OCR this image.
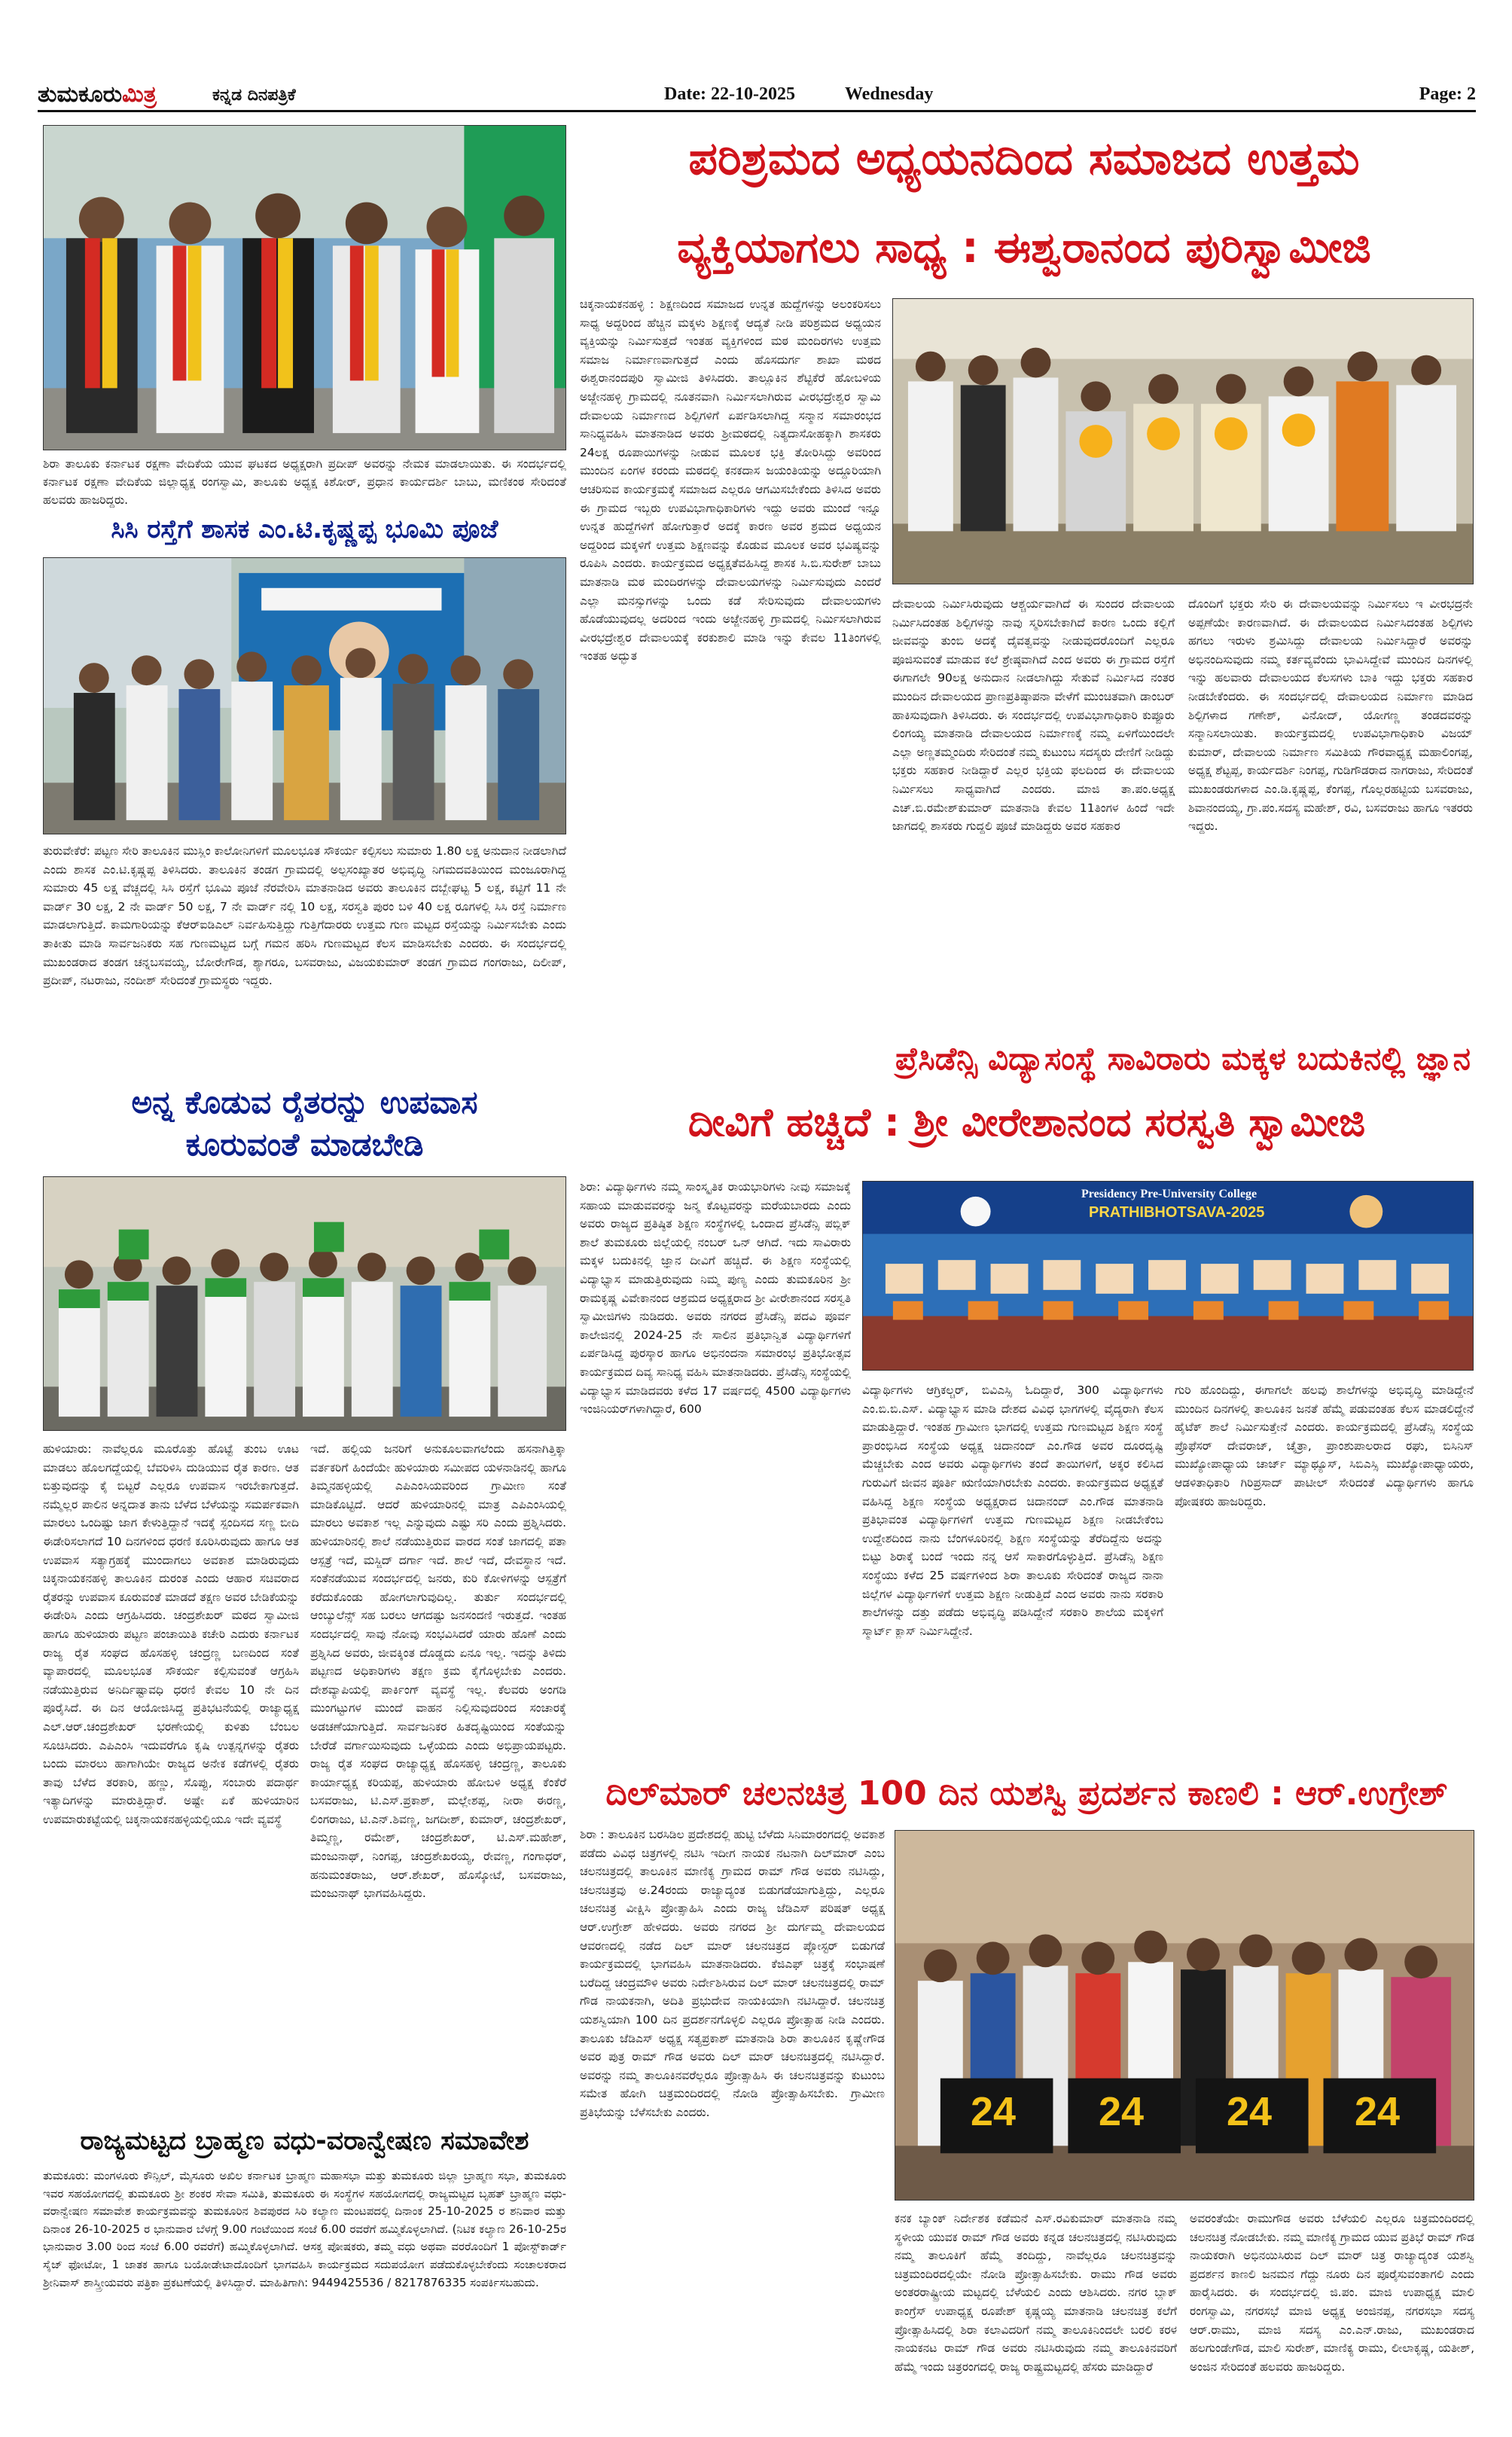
ತುಮಕೂರುಮಿತ್ರ	ಕನ್ನಡ ದಿನಪತ್ರಿಕೆ	Date: 22-10-2025	Wednesday	Page: 2
ಶಿರಾ ತಾಲೂಕು ಕರ್ನಾಟಕ ರಕ್ಷಣಾ ವೇದಿಕೆಯ ಯುವ ಘಟಕದ ಅಧ್ಯಕ್ಷರಾಗಿ ಪ್ರದೀಪ್ ಅವರನ್ನು ನೇಮಕ ಮಾಡಲಾಯಿತು. ಈ ಸಂದರ್ಭದಲ್ಲಿ ಕರ್ನಾಟಕ ರಕ್ಷಣಾ ವೇದಿಕೆಯ ಜಿಲ್ಲಾಧ್ಯಕ್ಷ ರಂಗಸ್ವಾಮಿ, ತಾಲೂಕು ಅಧ್ಯಕ್ಷ ಕಿಶೋರ್, ಪ್ರಧಾನ ಕಾರ್ಯದರ್ಶಿ ಬಾಬು, ಮಣಿಕಂಠ ಸೇರಿದಂತೆ ಹಲವರು ಹಾಜರಿದ್ದರು.
ಸಿಸಿ ರಸ್ತೆಗೆ ಶಾಸಕ ಎಂ.ಟಿ.ಕೃಷ್ಣಪ್ಪ ಭೂಮಿ ಪೂಜೆ
ತುರುವೇಕೆರೆ: ಪಟ್ಟಣ ಸೇರಿ ತಾಲೂಕಿನ ಮುಸ್ಲಿಂ ಕಾಲೋನಿಗಳಿಗೆ ಮೂಲಭೂತ ಸೌಕರ್ಯ ಕಲ್ಪಿಸಲು ಸುಮಾರು 1.80 ಲಕ್ಷ ಅನುದಾನ ನೀಡಲಾಗಿದೆ ಎಂದು ಶಾಸಕ ಎಂ.ಟಿ.ಕೃಷ್ಣಪ್ಪ ತಿಳಿಸಿದರು. ತಾಲೂಕಿನ ತಂಡಗ ಗ್ರಾಮದಲ್ಲಿ ಅಲ್ಪಸಂಖ್ಯಾತರ ಅಭಿವೃದ್ಧಿ ನಿಗಮದವತಿಯಿಂದ ಮಂಜೂರಾಗಿದ್ದ ಸುಮಾರು 45 ಲಕ್ಷ ವೆಚ್ಚದಲ್ಲಿ ಸಿಸಿ ರಸ್ತೆಗೆ ಭೂಮಿ ಪೂಜೆ ನೆರವೇರಿಸಿ ಮಾತನಾಡಿದ ಅವರು ತಾಲೂಕಿನ ದಬ್ಬೇಘಟ್ಟ 5 ಲಕ್ಷ, ಕಟ್ಟಿಗೆ 11 ನೇ ವಾರ್ಡ್ 30 ಲಕ್ಷ, 2 ನೇ ವಾರ್ಡ್ 50 ಲಕ್ಷ, 7 ನೇ ವಾರ್ಡ್ ನಲ್ಲಿ 10 ಲಕ್ಷ, ಸರಸ್ವತಿ ಪುರಂ ಬಳಿ 40 ಲಕ್ಷ ರೂಗಳಲ್ಲಿ ಸಿಸಿ ರಸ್ತೆ ನಿರ್ಮಾಣ ಮಾಡಲಾಗುತ್ತಿದೆ. ಕಾಮಗಾರಿಯನ್ನು ಕೆಆರ್‌ಐಡಿಎಲ್ ನಿರ್ವಹಿಸುತ್ತಿದ್ದು ಗುತ್ತಿಗೆದಾರರು ಉತ್ತಮ ಗುಣ ಮಟ್ಟದ ರಸ್ತೆಯನ್ನು ನಿರ್ಮಿಸಬೇಕು ಎಂದು ತಾಕೀತು ಮಾಡಿ ಸಾರ್ವಜನಿಕರು ಸಹ ಗುಣಮಟ್ಟದ ಬಗ್ಗೆ ಗಮನ ಹರಿಸಿ ಗುಣಮಟ್ಟದ ಕೆಲಸ ಮಾಡಿಸಬೇಕು ಎಂದರು. ಈ ಸಂದರ್ಭದಲ್ಲಿ ಮುಖಂಡರಾದ ತಂಡಗ ಚನ್ನಬಸವಯ್ಯ, ಬೋರೇಗೌಡ, ಶ್ಯಾಗರೂ, ಬಸವರಾಜು, ವಿಜಯಕುಮಾರ್ ತಂಡಗ ಗ್ರಾಮದ ಗಂಗರಾಜು, ದಿಲೀಪ್, ಪ್ರದೀಪ್, ನಟರಾಜು, ನಂದೀಶ್ ಸೇರಿದಂತೆ ಗ್ರಾಮಸ್ಥರು ಇದ್ದರು.
ಅನ್ನ ಕೊಡುವ ರೈತರನ್ನು ಉಪವಾಸ
ಕೂರುವಂತೆ ಮಾಡಬೇಡಿ
ಹುಳಿಯಾರು: ನಾವೆಲ್ಲರೂ ಮೂರೊತ್ತು ಹೊಟ್ಟೆ ತುಂಬ ಊಟ ಮಾಡಲು ಹೊಲಗದ್ದೆಯಲ್ಲಿ ಬೆವರಿಳಿಸಿ ದುಡಿಯುವ ರೈತ ಕಾರಣ. ಆತ ಬಿತ್ತುವುದನ್ನು ಕೈ ಬಿಟ್ಟರೆ ಎಲ್ಲರೂ ಉಪವಾಸ ಇರಬೇಕಾಗುತ್ತದೆ. ನಮ್ಮೆಲ್ಲರ ಪಾಲಿನ ಅನ್ನದಾತ ತಾನು ಬೆಳೆದ ಬೆಳೆಯನ್ನು ಸಮರ್ಪಕವಾಗಿ ಮಾರಲು ಒಂದಿಷ್ಟು ಜಾಗ ಕೇಳುತ್ತಿದ್ದಾನೆ ಇದಕ್ಕೆ ಸ್ಪಂದಿಸದ ಸಣ್ಣ ಬೀದಿ ಈಡೇರಿಸಲಾಗದೆ 10 ದಿನಗಳಿಂದ ಧರಣಿ ಕೂರಿಸಿರುವುದು ಹಾಗೂ ಆತ ಉಪವಾಸ ಸತ್ಯಾಗ್ರಹಕ್ಕೆ ಮುಂದಾಗಲು ಅವಕಾಶ ಮಾಡಿರುವುದು ಚಿಕ್ಕನಾಯಕನಹಳ್ಳಿ ತಾಲೂಕಿನ ದುರಂತ ಎಂದು ಆಹಾರ ಸಚಿವರಾದ ರೈತರನ್ನು ಉಪವಾಸ ಕೂರುವಂತೆ ಮಾಡದೆ ತಕ್ಷಣ ಅವರ ಬೇಡಿಕೆಯನ್ನು ಈಡೇರಿಸಿ ಎಂದು ಆಗ್ರಹಿಸಿದರು. ಚಂದ್ರಶೇಖರ್ ಮಠದ ಸ್ವಾಮೀಜಿ ಹಾಗೂ ಹುಳಿಯಾರು ಪಟ್ಟಣ ಪಂಚಾಯಿತಿ ಕಚೇರಿ ಎದುರು ಕರ್ನಾಟಕ ರಾಜ್ಯ ರೈತ ಸಂಘದ ಹೊಸಹಳ್ಳಿ ಚಂದ್ರಣ್ಣ ಬಣದಿಂದ ಸಂತೆ ವ್ಯಾಪಾರದಲ್ಲಿ ಮೂಲಭೂತ ಸೌಕರ್ಯ ಕಲ್ಪಿಸುವಂತೆ ಆಗ್ರಹಿಸಿ ನಡೆಯುತ್ತಿರುವ ಅನಿರ್ದಿಷ್ಟಾವಧಿ ಧರಣಿ ಕೇವಲ 10 ನೇ ದಿನ ಪೂರೈಸಿದೆ. ಈ ದಿನ ಆಯೋಜಿಸಿದ್ದ ಪ್ರತಿಭಟನೆಯಲ್ಲಿ ರಾಜ್ಯಾಧ್ಯಕ್ಷ ಎಲ್.ಆರ್.ಚಂದ್ರಶೇಖರ್ ಭರಣೇಯಲ್ಲಿ ಕುಳಿತು ಬೆಂಬಲ ಸೂಚಿಸಿದರು. ಎಪಿಎಂಸಿ ಇದುವರೆಗೂ ಕೃಷಿ ಉತ್ಪನ್ನಗಳನ್ನು ರೈತರು ಬಂದು ಮಾರಲು ಹಾಗಾಗಿಯೇ ರಾಜ್ಯದ ಅನೇಕ ಕಡೆಗಳಲ್ಲಿ ರೈತರು ತಾವು ಬೆಳೆದ ತರಕಾರಿ, ಹಣ್ಣು, ಸೊಪ್ಪು, ಸಂಬಾರು ಪದಾರ್ಥ ಇತ್ಯಾದಿಗಳನ್ನು ಮಾರುತ್ತಿದ್ದಾರೆ. ಅಷ್ಟೇ ಏಕೆ ಹುಳಿಯಾರಿನ ಉಪಮಾರುಕಟ್ಟೆಯಲ್ಲಿ ಚಿಕ್ಕನಾಯಕನಹಳ್ಳಿಯಲ್ಲಿಯೂ ಇದೇ ವ್ಯವಸ್ಥೆ
ಇದೆ. ಹಲ್ಲಿಯ ಜನರಿಗೆ ಅನುಕೂಲವಾಗಲೆಂದು ಹಸನಾಗಿತ್ತಿಕ್ಕಾ ವರ್ತಕರಿಗೆ ಹಿಂದೆಯೇ ಹುಳಿಯಾರು ಸಮೀಪದ ಯಳನಾಡಿನಲ್ಲಿ ಹಾಗೂ ತಿಮ್ಮನಹಳ್ಳಿಯಲ್ಲಿ ಎಪಿಎಂಸಿಯವರಿಂದ ಗ್ರಾಮೀಣ ಸಂತೆ ಮಾಡಿಕೊಟ್ಟಿದೆ. ಆದರೆ ಹುಳಿಯಾರಿನಲ್ಲಿ ಮಾತ್ರ ಎಪಿಎಂಸಿಯಲ್ಲಿ ಮಾರಲು ಅವಕಾಶ ಇಲ್ಲ ಎನ್ನುವುದು ಎಷ್ಟು ಸರಿ ಎಂದು ಪ್ರಶ್ನಿಸಿದರು. ಹುಳಿಯಾರಿನಲ್ಲಿ ಶಾಲೆ ನಡೆಯುತ್ತಿರುವ ವಾರದ ಸಂತೆ ಜಾಗದಲ್ಲಿ ಪತಾ ಆಸ್ಪತ್ರೆ ಇದೆ, ಮಸ್ಜಿದ್ ದರ್ಗಾ ಇದೆ. ಶಾಲೆ ಇದೆ, ದೇವಸ್ಥಾನ ಇದೆ. ಸಂತೆನಡೆಯುವ ಸಂದರ್ಭದಲ್ಲಿ ಜನರು, ಕುರಿ ಕೋಳಿಗಳನ್ನು ಆಸ್ಪತ್ರೆಗೆ ಕರೆದುಕೊಂಡು ಹೋಗಲಾಗುವುದಿಲ್ಲ. ತುರ್ತು ಸಂದರ್ಭದಲ್ಲಿ ಆಂಬ್ಯುಲೆನ್ಸ್ ಸಹ ಬರಲು ಆಗದಷ್ಟು ಜನಸಂದಣಿ ಇರುತ್ತದೆ. ಇಂತಹ ಸಂದರ್ಭದಲ್ಲಿ ಸಾವು ನೋವು ಸಂಭವಿಸಿದರೆ ಯಾರು ಹೊಣೆ ಎಂದು ಪ್ರಶ್ನಿಸಿದ ಅವರು, ಜೀವಕ್ಕಿಂತ ದೊಡ್ಡದು ಏನೂ ಇಲ್ಲ. ಇದನ್ನು ತಿಳಿದು ಪಟ್ಟಣದ ಅಧಿಕಾರಿಗಳು ತಕ್ಷಣ ಕ್ರಮ ಕೈಗೊಳ್ಳಬೇಕು ಎಂದರು. ದೇಶವ್ಯಾಪಿಯಲ್ಲಿ ಪಾರ್ಕಿಂಗ್ ವ್ಯವಸ್ಥೆ ಇಲ್ಲ. ಕೆಲವರು ಅಂಗಡಿ ಮುಂಗಟ್ಟುಗಳ ಮುಂದೆ ವಾಹನ ನಿಲ್ಲಿಸುವುದರಿಂದ ಸಂಚಾರಕ್ಕೆ ಅಡಚಣೆಯಾಗುತ್ತಿದೆ. ಸಾರ್ವಜನಿಕರ ಹಿತದೃಷ್ಟಿಯಿಂದ ಸಂತೆಯನ್ನು ಬೇರೆಡೆ ವರ್ಗಾಯಿಸುವುದು ಒಳ್ಳೆಯದು ಎಂದು ಅಭಿಪ್ರಾಯಪಟ್ಟರು. ರಾಜ್ಯ ರೈತ ಸಂಘದ ರಾಜ್ಯಾಧ್ಯಕ್ಷ ಹೊಸಹಳ್ಳಿ ಚಂದ್ರಣ್ಣ, ತಾಲೂಕು ಕಾರ್ಯಾಧ್ಯಕ್ಷ ಕರಿಯಪ್ಪ, ಹುಳಿಯಾರು ಹೋಬಳಿ ಅಧ್ಯಕ್ಷ ಕೆಂಕೆರೆ ಬಸವರಾಜು, ಟಿ.ಎಸ್.ಪ್ರಕಾಶ್, ಮಲ್ಲೇಶಪ್ಪ, ನೀರಾ ಈರಣ್ಣ, ಲಿಂಗರಾಜು, ಟಿ.ಎನ್.ಶಿವಣ್ಣ, ಜಗದೀಶ್, ಕುಮಾರ್, ಚಂದ್ರಶೇಖರ್, ತಿಮ್ಮಣ್ಣ, ರಮೇಶ್, ಚಂದ್ರಶೇಖರ್, ಟಿ.ಎಸ್.ಮಹೇಶ್, ಮಂಜುನಾಥ್, ನಿಂಗಪ್ಪ, ಚಂದ್ರಶೇಖರಯ್ಯ, ರೇವಣ್ಣ, ಗಂಗಾಧರ್, ಹನುಮಂತರಾಜು, ಆರ್.ಶೇಖರ್, ಹೊಸ್ಕೋಟೆ, ಬಸವರಾಜು, ಮಂಜುನಾಥ್ ಭಾಗವಹಿಸಿದ್ದರು.
ರಾಜ್ಯಮಟ್ಟದ ಬ್ರಾಹ್ಮಣ ವಧು-ವರಾನ್ವೇಷಣ ಸಮಾವೇಶ
ತುಮಕೂರು: ಮಂಗಳೂರು ಕೌನ್ಸಿಲ್‌, ಮೈಸೂರು ಅಖಿಲ ಕರ್ನಾಟಕ ಬ್ರಾಹ್ಮಣ ಮಹಾಸಭಾ ಮತ್ತು ತುಮಕೂರು ಜಿಲ್ಲಾ ಬ್ರಾಹ್ಮಣ ಸಭಾ, ತುಮಕೂರು ಇವರ ಸಹಯೋಗದಲ್ಲಿ ತುಮಕೂರು ಶ್ರೀ ಶಂಕರ ಸೇವಾ ಸಮಿತಿ, ತುಮಕೂರು ಈ ಸಂಸ್ಥೆಗಳ ಸಹಯೋಗದಲ್ಲಿ ರಾಜ್ಯಮಟ್ಟದ ಬೃಹತ್ ಬ್ರಾಹ್ಮಣ ವಧು-ವರಾನ್ವೇಷಣ ಸಮಾವೇಶ ಕಾರ್ಯಕ್ರಮವನ್ನು ತುಮಕೂರಿನ ಶಿವಪುರದ ಸಿರಿ ಕಲ್ಯಾಣ ಮಂಟಪದಲ್ಲಿ ದಿನಾಂಕ 25-10-2025 ರ ಶನಿವಾರ ಮತ್ತು ದಿನಾಂಕ 26-10-2025 ರ ಭಾನುವಾರ ಬೆಳಗ್ಗೆ 9.00 ಗಂಟೆಯಿಂದ ಸಂಜೆ 6.00 ರವರೆಗೆ ಹಮ್ಮಿಕೊಳ್ಳಲಾಗಿದೆ. (ನಿಟಿಕ ಕಲ್ಯಾಣ 26-10-25ರ ಭಾನುವಾರ 3.00 ರಿಂದ ಸಂಜೆ 6.00 ರವರೆಗೆ) ಹಮ್ಮಿಕೊಳ್ಳಲಾಗಿದೆ. ಆಸಕ್ತ ಪೋಷಕರು, ತಮ್ಮ ವಧು ಅಥವಾ ವರರೊಂದಿಗೆ 1 ಪೋಸ್ಟ್‌ಕಾರ್ಡ್ ಸೈಜ್ ಫೋಟೋ, 1 ಜಾತಕ ಹಾಗೂ ಬಯೋಡೇಟಾದೊಂದಿಗೆ ಭಾಗವಹಿಸಿ ಕಾರ್ಯಕ್ರಮದ ಸದುಪಯೋಗ ಪಡೆದುಕೊಳ್ಳಬೇಕೆಂದು ಸಂಚಾಲಕರಾದ ಶ್ರೀನಿವಾಸ್ ಶಾಸ್ತ್ರೀಯವರು ಪತ್ರಿಕಾ ಪ್ರಕಟಣೆಯಲ್ಲಿ ತಿಳಿಸಿದ್ದಾರೆ. ಮಾಹಿತಿಗಾಗಿ: 9449425536 / 8217876335 ಸಂಪರ್ಕಿಸಬಹುದು.
ಪರಿಶ್ರಮದ ಅಧ್ಯಯನದಿಂದ ಸಮಾಜದ ಉತ್ತಮ
ವ್ಯಕ್ತಿಯಾಗಲು ಸಾಧ್ಯ : ಈಶ್ವರಾನಂದ ಪುರಿಸ್ವಾಮೀಜಿ
ಚಿಕ್ಕನಾಯಕನಹಳ್ಳಿ : ಶಿಕ್ಷಣದಿಂದ ಸಮಾಜದ ಉನ್ನತ ಹುದ್ದೆಗಳನ್ನು ಅಲಂಕರಿಸಲು ಸಾಧ್ಯ ಅದ್ದರಿಂದ ಹೆಚ್ಚಿನ ಮಕ್ಕಳು ಶಿಕ್ಷಣಕ್ಕೆ ಆದ್ಯತೆ ನೀಡಿ ಪರಿಶ್ರಮದ ಅಧ್ಯಯನ ವ್ಯಕ್ತಿಯನ್ನು ನಿರ್ಮಿಸುತ್ತದೆ ಇಂತಹ ವ್ಯಕ್ತಿಗಳಿಂದ ಮಠ ಮಂದಿರಗಳು ಉತ್ತಮ ಸಮಾಜ ನಿರ್ಮಾಣವಾಗುತ್ತದೆ ಎಂದು ಹೊಸದುರ್ಗ ಶಾಖಾ ಮಠದ ಈಶ್ವರಾನಂದಪುರಿ ಸ್ವಾಮೀಜಿ ತಿಳಿಸಿದರು. ತಾಲ್ಲೂಕಿನ ಶೆಟ್ಟಿಕೆರೆ ಹೋಬಳಿಯ ಅಜ್ಜೇನಹಳ್ಳಿ ಗ್ರಾಮದಲ್ಲಿ ನೂತನವಾಗಿ ನಿರ್ಮಿಸಲಾಗಿರುವ ವೀರಭದ್ರೇಶ್ವರ ಸ್ವಾಮಿ ದೇವಾಲಯ ನಿರ್ಮಾಣದ ಶಿಲ್ಪಿಗಳಿಗೆ ಏರ್ಪಡಿಸಲಾಗಿದ್ದ ಸನ್ಮಾನ ಸಮಾರಂಭದ ಸಾನಿಧ್ಯವಹಿಸಿ ಮಾತನಾಡಿದ ಅವರು ಶ್ರೀಮಠದಲ್ಲಿ ನಿತ್ಯದಾಸೋಹಕ್ಕಾಗಿ ಶಾಸಕರು 24ಲಕ್ಷ ರೂಪಾಯಿಗಳನ್ನು ನೀಡುವ ಮೂಲಕ ಭಕ್ತಿ ತೋರಿಸಿದ್ದು ಅವರಿಂದ ಮುಂದಿನ ಏಂಗಳ ಕರಂದು ಮಠದಲ್ಲಿ ಕನಕದಾಸ ಜಯಂತಿಯನ್ನು ಅದ್ದೂರಿಯಾಗಿ ಆಚರಿಸುವ ಕಾರ್ಯಕ್ರಮಕ್ಕೆ ಸಮಾಜದ ಎಲ್ಲರೂ ಆಗಮಿಸಬೇಕೆಂದು ತಿಳಿಸಿದ ಅವರು ಈ ಗ್ರಾಮದ ಇಬ್ಬರು ಉಪವಿಭಾಗಾಧಿಕಾರಿಗಳು ಇದ್ದು ಅವರು ಮುಂದೆ ಇನ್ನೂ ಉನ್ನತ ಹುದ್ದೆಗಳಿಗೆ ಹೋಗುತ್ತಾರೆ ಅದಕ್ಕೆ ಕಾರಣ ಅವರ ಶ್ರಮದ ಅಧ್ಯಯನ ಅದ್ದರಿಂದ ಮಕ್ಕಳಿಗೆ ಉತ್ತಮ ಶಿಕ್ಷಣವನ್ನು ಕೊಡುವ ಮೂಲಕ ಅವರ ಭವಿಷ್ಯವನ್ನು ರೂಪಿಸಿ ಎಂದರು. ಕಾರ್ಯಕ್ರಮದ ಅಧ್ಯಕ್ಷತೆವಹಿಸಿದ್ದ ಶಾಸಕ ಸಿ.ಬಿ.ಸುರೇಶ್ ಬಾಬು ಮಾತನಾಡಿ ಮಠ ಮಂದಿರಗಳನ್ನು ದೇವಾಲಯಗಳನ್ನು ನಿರ್ಮಿಸುವುದು ಎಂದರೆ ಎಲ್ಲಾ ಮನಸ್ಸುಗಳನ್ನು ಒಂದು ಕಡೆ ಸೇರಿಸುವುದು ದೇವಾಲಯಗಳು ಹೊಡೆಯುವುದಲ್ಲ ಅದರಿಂದ ಇಂದು ಅಜ್ಜೇನಹಳ್ಳಿ ಗ್ರಾಮದಲ್ಲಿ ನಿರ್ಮಿಸಲಾಗಿರುವ ವೀರಭದ್ರೇಶ್ವರ ದೇವಾಲಯಕ್ಕೆ ಕರಕುಶಾಲಿ ಮಾಡಿ ಇನ್ನು ಕೇವಲ 11ತಿಂಗಳಲ್ಲಿ ಇಂತಹ ಅದ್ಭುತ
ದೇವಾಲಯ ನಿರ್ಮಿಸಿರುವುದು ಆಶ್ಚರ್ಯವಾಗಿದೆ ಈ ಸುಂದರ ದೇವಾಲಯ ನಿರ್ಮಿಸಿದಂತಹ ಶಿಲ್ಪಿಗಳನ್ನು ನಾವು ಸ್ಮರಿಸಬೇಕಾಗಿದೆ ಕಾರಣ ಒಂದು ಕಲ್ಲಿಗೆ ಜೀವವನ್ನು ತುಂಬಿ ಅದಕ್ಕೆ ದೈವತ್ವವನ್ನು ನೀಡುವುದರೊಂದಿಗೆ ಎಲ್ಲರೂ ಪೂಜಿಸುವಂತೆ ಮಾಡುವ ಕಲೆ ಶ್ರೇಷ್ಠವಾಗಿದೆ ಎಂದ ಅವರು ಈ ಗ್ರಾಮದ ರಸ್ತೆಗೆ ಈಗಾಗಲೇ 90ಲಕ್ಷ ಅನುದಾನ ನೀಡಲಾಗಿದ್ದು ಸೇತುವೆ ನಿರ್ಮಿಸಿದ ನಂತರ ಮುಂದಿನ ದೇವಾಲಯದ ಪ್ರಾಣಪ್ರತಿಷ್ಠಾಪನಾ ವೇಳೆಗೆ ಮುಂಚಿತವಾಗಿ ಡಾಂಬರ್ ಹಾಕಿಸುವುದಾಗಿ ತಿಳಿಸಿದರು. ಈ ಸಂದರ್ಭದಲ್ಲಿ ಉಪವಿಭಾಗಾಧಿಕಾರಿ ಕುಪ್ಪೂರು ಲಿಂಗಯ್ಯ ಮಾತನಾಡಿ ದೇವಾಲಯದ ನಿರ್ಮಾಣಕ್ಕೆ ನಮ್ಮ ಏಳಿಗೆಯಿಂದಲೇ ಎಲ್ಲಾ ಅಣ್ಣತಮ್ಮಂದಿರು ಸೇರಿದಂತೆ ನಮ್ಮ ಕುಟುಂಬ ಸದಸ್ಯರು ದೇಣಿಗೆ ನೀಡಿದ್ದು ಭಕ್ತರು ಸಹಕಾರ ನೀಡಿದ್ದಾರೆ ಎಲ್ಲರ ಭಕ್ತಿಯ ಫಲದಿಂದ ಈ ದೇವಾಲಯ ನಿರ್ಮಿಸಲು ಸಾಧ್ಯವಾಗಿದೆ ಎಂದರು. ಮಾಜಿ ತಾ.ಪಂ.ಅಧ್ಯಕ್ಷ ಎಚ್.ಬಿ.ರಮೇಶ್‌ಕುಮಾರ್ ಮಾತನಾಡಿ ಕೇವಲ 11ತಿಂಗಳ ಹಿಂದೆ ಇದೇ ಜಾಗದಲ್ಲಿ ಶಾಸಕರು ಗುದ್ದಲಿ ಪೂಜೆ ಮಾಡಿದ್ದರು ಅವರ ಸಹಕಾರ
ದೊಂದಿಗೆ ಭಕ್ತರು ಸೇರಿ ಈ ದೇವಾಲಯವನ್ನು ನಿರ್ಮಿಸಲು ಇ ವೀರಭದ್ರನೇ ಅಪ್ಪಣೆಯೇ ಕಾರಣವಾಗಿದೆ. ಈ ದೇವಾಲಯದ ನಿರ್ಮಿಸಿದಂತಹ ಶಿಲ್ಪಿಗಳು ಹಗಲು ಇರುಳು ಶ್ರಮಿಸಿದ್ದು ದೇವಾಲಯ ನಿರ್ಮಿಸಿದ್ದಾರೆ ಅವರನ್ನು ಅಭಿನಂದಿಸುವುದು ನಮ್ಮ ಕರ್ತವ್ಯವೆಂದು ಭಾವಿಸಿದ್ದೇವೆ ಮುಂದಿನ ದಿನಗಳಲ್ಲಿ ಇನ್ನು ಹಲವಾರು ದೇವಾಲಯದ ಕೆಲಸಗಳು ಬಾಕಿ ಇದ್ದು ಭಕ್ತರು ಸಹಕಾರ ನೀಡಬೇಕೆಂದರು. ಈ ಸಂದರ್ಭದಲ್ಲಿ ದೇವಾಲಯದ ನಿರ್ಮಾಣ ಮಾಡಿದ ಶಿಲ್ಪಿಗಳಾದ ಗಣೇಶ್, ವಿನೋದ್, ಯೋಗಣ್ಣ ತಂಡದವರನ್ನು ಸನ್ಮಾನಿಸಲಾಯಿತು. ಕಾರ್ಯಕ್ರಮದಲ್ಲಿ ಉಪವಿಭಾಗಾಧಿಕಾರಿ ವಿಜಯ್ ಕುಮಾರ್, ದೇವಾಲಯ ನಿರ್ಮಾಣ ಸಮಿತಿಯ ಗೌರವಾಧ್ಯಕ್ಷ ಮಹಾಲಿಂಗಪ್ಪ, ಅಧ್ಯಕ್ಷ ಶೆಟ್ಟಪ್ಪ, ಕಾರ್ಯದರ್ಶಿ ನಿಂಗಪ್ಪ, ಗುಡಿಗೌಡರಾದ ನಾಗರಾಜು, ಸೇರಿದಂತೆ ಮುಖಂಡರುಗಳಾದ ಎಂ.ಡಿ.ಕೃಷ್ಣಪ್ಪ, ಕೆಂಗಪ್ಪ, ಗೊಲ್ಲರಹಟ್ಟಿಯ ಬಸವರಾಜು, ಶಿವಾನಂದಯ್ಯ, ಗ್ರಾ.ಪಂ.ಸದಸ್ಯ ಮಹೇಶ್, ರವಿ, ಬಸವರಾಜು ಹಾಗೂ ಇತರರು ಇದ್ದರು.
ಪ್ರೆಸಿಡೆನ್ಸಿ ವಿದ್ಯಾಸಂಸ್ಥೆ ಸಾವಿರಾರು ಮಕ್ಕಳ ಬದುಕಿನಲ್ಲಿ ಜ್ಞಾನ
ದೀವಿಗೆ ಹಚ್ಚಿದೆ : ಶ್ರೀ ವೀರೇಶಾನಂದ ಸರಸ್ವತಿ ಸ್ವಾಮೀಜಿ
ಶಿರಾ: ವಿದ್ಯಾರ್ಥಿಗಳು ನಮ್ಮ ಸಾಂಸ್ಕೃತಿಕ ರಾಯಭಾರಿಗಳು ನೀವು ಸಮಾಜಕ್ಕೆ ಸಹಾಯ ಮಾಡುವವರನ್ನು ಜನ್ಮ ಕೊಟ್ಟವರನ್ನು ಮರೆಯಬಾರದು ಎಂದು ಅವರು ರಾಜ್ಯದ ಪ್ರತಿಷ್ಠಿತ ಶಿಕ್ಷಣ ಸಂಸ್ಥೆಗಳಲ್ಲಿ ಒಂದಾದ ಪ್ರೆಸಿಡೆನ್ಸಿ ಪಬ್ಲಿಕ್ ಶಾಲೆ ತುಮಕೂರು ಜಿಲ್ಲೆಯಲ್ಲಿ ನಂಬರ್ ಒನ್ ಆಗಿದೆ. ಇದು ಸಾವಿರಾರು ಮಕ್ಕಳ ಬದುಕಿನಲ್ಲಿ ಜ್ಞಾನ ದೀವಿಗೆ ಹಚ್ಚಿದೆ. ಈ ಶಿಕ್ಷಣ ಸಂಸ್ಥೆಯಲ್ಲಿ ವಿದ್ಯಾಭ್ಯಾಸ ಮಾಡುತ್ತಿರುವುದು ನಿಮ್ಮ ಪುಣ್ಯ ಎಂದು ತುಮಕೂರಿನ ಶ್ರೀ ರಾಮಕೃಷ್ಣ ವಿವೇಕಾನಂದ ಆಶ್ರಮದ ಅಧ್ಯಕ್ಷರಾದ ಶ್ರೀ ವೀರೇಶಾನಂದ ಸರಸ್ವತಿ ಸ್ವಾಮೀಜಿಗಳು ನುಡಿದರು. ಅವರು ನಗರದ ಪ್ರೆಸಿಡೆನ್ಸಿ ಪದವಿ ಪೂರ್ವ ಕಾಲೇಜಿನಲ್ಲಿ 2024-25 ನೇ ಸಾಲಿನ ಪ್ರತಿಭಾನ್ವಿತ ವಿದ್ಯಾರ್ಥಿಗಳಿಗೆ ಏರ್ಪಡಿಸಿದ್ದ ಪುರಸ್ಕಾರ ಹಾಗೂ ಅಭಿನಂದನಾ ಸಮಾರಂಭ ಪ್ರತಿಭೋತ್ಸವ ಕಾರ್ಯಕ್ರಮದ ದಿವ್ಯ ಸಾನಿಧ್ಯ ವಹಿಸಿ ಮಾತನಾಡಿದರು. ಪ್ರೆಸಿಡೆನ್ಸಿ ಸಂಸ್ಥೆಯಲ್ಲಿ ವಿದ್ಯಾಭ್ಯಾಸ ಮಾಡಿದವರು ಕಳೆದ 17 ವರ್ಷದಲ್ಲಿ 4500 ವಿದ್ಯಾರ್ಥಿಗಳು ಇಂಜಿನಿಯರ್‌ಗಳಾಗಿದ್ದಾರೆ, 600
Presidency Pre-University College
PRATHIBHOTSAVA-2025
ವಿದ್ಯಾರ್ಥಿಗಳು ಆಗ್ರಿಕಲ್ಚರ್, ಬಿವಿಎಸ್ಸಿ ಓದಿದ್ದಾರೆ, 300 ವಿದ್ಯಾರ್ಥಿಗಳು ಎಂ.ಬಿ.ಬಿ.ಎಸ್. ವಿದ್ಯಾಭ್ಯಾಸ ಮಾಡಿ ದೇಶದ ವಿವಿಧ ಭಾಗಗಳಲ್ಲಿ ವೈದ್ಯರಾಗಿ ಕೆಲಸ ಮಾಡುತ್ತಿದ್ದಾರೆ. ಇಂತಹ ಗ್ರಾಮೀಣ ಭಾಗದಲ್ಲಿ ಉತ್ತಮ ಗುಣಮಟ್ಟದ ಶಿಕ್ಷಣ ಸಂಸ್ಥೆ ಪ್ರಾರಂಭಿಸಿದ ಸಂಸ್ಥೆಯ ಅಧ್ಯಕ್ಷ ಚಿದಾನಂದ್ ಎಂ.ಗೌಡ ಅವರ ದೂರದೃಷ್ಟಿ ಮೆಚ್ಚಬೇಕು ಎಂದ ಅವರು ವಿದ್ಯಾರ್ಥಿಗಳು ತಂದೆ ತಾಯಿಗಳಿಗೆ, ಅಕ್ಕರ ಕಲಿಸಿದ ಗುರುವಿಗೆ ಜೀವನ ಪೂರ್ತಿ ಋಣಿಯಾಗಿರಬೇಕು ಎಂದರು. ಕಾರ್ಯಕ್ರಮದ ಅಧ್ಯಕ್ಷತೆ ವಹಿಸಿದ್ದ ಶಿಕ್ಷಣ ಸಂಸ್ಥೆಯ ಅಧ್ಯಕ್ಷರಾದ ಚಿದಾನಂದ್ ಎಂ.ಗೌಡ ಮಾತನಾಡಿ ಪ್ರತಿಭಾವಂತ ವಿದ್ಯಾರ್ಥಿಗಳಿಗೆ ಉತ್ತಮ ಗುಣಮಟ್ಟದ ಶಿಕ್ಷಣ ನೀಡಬೇಕೆಂಬ ಉದ್ದೇಶದಿಂದ ನಾನು ಬೆಂಗಳೂರಿನಲ್ಲಿ ಶಿಕ್ಷಣ ಸಂಸ್ಥೆಯನ್ನು ತೆರೆದಿದ್ದೆನು ಅದನ್ನು ಬಿಟ್ಟು ಶಿರಾಕ್ಕೆ ಬಂದೆ ಇಂದು ನನ್ನ ಆಸೆ ಸಾಕಾರಗೊಳ್ಳುತ್ತಿದೆ. ಪ್ರೆಸಿಡೆನ್ಸಿ ಶಿಕ್ಷಣ ಸಂಸ್ಥೆಯು ಕಳೆದ 25 ವರ್ಷಗಳಿಂದ ಶಿರಾ ತಾಲೂಕು ಸೇರಿದಂತೆ ರಾಜ್ಯದ ನಾನಾ ಜಿಲ್ಲೆಗಳ ವಿದ್ಯಾರ್ಥಿಗಳಿಗೆ ಉತ್ತಮ ಶಿಕ್ಷಣ ನೀಡುತ್ತಿದೆ ಎಂದ ಅವರು ನಾನು ಸರಕಾರಿ ಶಾಲೆಗಳನ್ನು ದತ್ತು ಪಡೆದು ಅಭಿವೃದ್ಧಿ ಪಡಿಸಿದ್ದೇನೆ ಸರಕಾರಿ ಶಾಲೆಯ ಮಕ್ಕಳಿಗೆ ಸ್ಮಾರ್ಟ್ ಕ್ಲಾಸ್ ನಿರ್ಮಿಸಿದ್ದೇನೆ.
ಗುರಿ ಹೊಂದಿದ್ದು, ಈಗಾಗಲೇ ಹಲವು ಶಾಲೆಗಳನ್ನು ಅಭಿವೃದ್ಧಿ ಮಾಡಿದ್ದೇನೆ ಮುಂದಿನ ದಿನಗಳಲ್ಲಿ ತಾಲೂಕಿನ ಜನತೆ ಹೆಮ್ಮೆ ಪಡುವಂತಹ ಕೆಲಸ ಮಾಡಲಿದ್ದೇನೆ ಹೈಟೆಕ್ ಶಾಲೆ ನಿರ್ಮಿಸುತ್ತೇನೆ ಎಂದರು. ಕಾರ್ಯಕ್ರಮದಲ್ಲಿ ಪ್ರೆಸಿಡೆನ್ಸಿ ಸಂಸ್ಥೆಯ ಪ್ರೊಫೆಸರ್ ದೇವರಾಜ್, ಚೈತ್ರಾ, ಪ್ರಾಂಶುಪಾಲರಾದ ರಘು, ಬಿಸಿನಿಸ್ ಮುಖ್ಯೋಪಾಧ್ಯಾಯ ಚಾರ್ಜ್ ಮ್ಯಾಥ್ಯೂಸ್, ಸಿಬಿಎಸ್ಸಿ ಮುಖ್ಯೋಪಾಧ್ಯಾಯರು, ಆಡಳಿತಾಧಿಕಾರಿ ಗಿರಿಪ್ರಸಾದ್ ಪಾಟೀಲ್ ಸೇರಿದಂತೆ ವಿದ್ಯಾರ್ಥಿಗಳು ಹಾಗೂ ಪೋಷಕರು ಹಾಜರಿದ್ದರು.
ದಿಲ್‌ಮಾರ್ ಚಲನಚಿತ್ರ 100 ದಿನ ಯಶಸ್ವಿ ಪ್ರದರ್ಶನ ಕಾಣಲಿ : ಆರ್.ಉಗ್ರೇಶ್
ಶಿರಾ : ತಾಲೂಕಿನ ಬರಸಿಡಿಲ ಪ್ರದೇಶದಲ್ಲಿ ಹುಟ್ಟಿ ಬೆಳೆದು ಸಿನಿಮಾರಂಗದಲ್ಲಿ ಅವಕಾಶ ಪಡೆದು ವಿವಿಧ ಚಿತ್ರಗಳಲ್ಲಿ ನಟಿಸಿ ಇದೀಗ ನಾಯಕ ನಟನಾಗಿ ದಿಲ್‌ಮಾರ್ ಎಂಬ ಚಲನಚಿತ್ರದಲ್ಲಿ ತಾಲೂಕಿನ ಮಾಣಿಕ್ಯ ಗ್ರಾಮದ ರಾಮ್ ಗೌಡ ಅವರು ನಟಿಸಿದ್ದು, ಚಲನಚಿತ್ರವು ಅ.24ರಂದು ರಾಜ್ಯಾದ್ಯಂತ ಬಿಡುಗಡೆಯಾಗುತ್ತಿದ್ದು, ಎಲ್ಲರೂ ಚಲನಚಿತ್ರ ವೀಕ್ಷಿಸಿ ಪ್ರೋತ್ಸಾಹಿಸಿ ಎಂದು ರಾಜ್ಯ ಜೆಡಿಎಸ್ ಪರಿಷತ್ ಅಧ್ಯಕ್ಷ ಆರ್.ಉಗ್ರೇಶ್ ಹೇಳಿದರು. ಅವರು ನಗರದ ಶ್ರೀ ದುರ್ಗಮ್ಮ ದೇವಾಲಯದ ಆವರಣದಲ್ಲಿ ನಡೆದ ದಿಲ್ ಮಾರ್ ಚಲನಚಿತ್ರದ ಪ್ಲೋಸ್ಟರ್ ಬಿಡುಗಡೆ ಕಾರ್ಯಕ್ರಮದಲ್ಲಿ ಭಾಗವಹಿಸಿ ಮಾತನಾಡಿದರು. ಕೆಜಿಎಫ್ ಚಿತ್ರಕ್ಕೆ ಸಂಭಾಷಣೆ ಬರೆದಿದ್ದ ಚಂದ್ರಮೌಳಿ ಅವರು ನಿರ್ದೇಶಿಸಿರುವ ದಿಲ್ ಮಾರ್ ಚಲನಚಿತ್ರದಲ್ಲಿ ರಾಮ್ ಗೌಡ ನಾಯಕನಾಗಿ, ಅದಿತಿ ಪ್ರಭುದೇವ ನಾಯಕಿಯಾಗಿ ನಟಿಸಿದ್ದಾರೆ. ಚಲನಚಿತ್ರ ಯಶಸ್ವಿಯಾಗಿ 100 ದಿನ ಪ್ರದರ್ಶನಗೊಳ್ಳಲಿ ಎಲ್ಲರೂ ಪ್ರೋತ್ಸಾಹ ನೀಡಿ ಎಂದರು. ತಾಲೂಕು ಜೆಡಿಎಸ್ ಅಧ್ಯಕ್ಷ ಸತ್ಯಪ್ರಕಾಶ್ ಮಾತನಾಡಿ ಶಿರಾ ತಾಲೂಕಿನ ಕೃಷ್ಣೇಗೌಡ ಅವರ ಪುತ್ರ ರಾಮ್ ಗೌಡ ಅವರು ದಿಲ್ ಮಾರ್ ಚಲನಚಿತ್ರದಲ್ಲಿ ನಟಿಸಿದ್ದಾರೆ. ಅವರನ್ನು ನಮ್ಮ ತಾಲೂಕಿನವರೆಲ್ಲರೂ ಪ್ರೋತ್ಸಾಹಿಸಿ ಈ ಚಲನಚಿತ್ರವನ್ನು ಕುಟುಂಬ ಸಮೇತ ಹೋಗಿ ಚಿತ್ರಮಂದಿರದಲ್ಲಿ ನೋಡಿ ಪ್ರೋತ್ಸಾಹಿಸಬೇಕು. ಗ್ರಾಮೀಣ ಪ್ರತಿಭೆಯನ್ನು ಬೆಳೆಸಬೇಕು ಎಂದರು.	24 24 24 24
ಕನಕ ಬ್ಯಾಂಕ್ ನಿರ್ದೇಶಕ ಕಡೆಮನೆ ಎಸ್.ರವಿಕುಮಾರ್ ಮಾತನಾಡಿ ನಮ್ಮ ಸ್ಥಳೀಯ ಯುವಕ ರಾಮ್ ಗೌಡ ಅವರು ಕನ್ನಡ ಚಲನಚಿತ್ರದಲ್ಲಿ ನಟಿಸಿರುವುದು ನಮ್ಮ ತಾಲೂಕಿಗೆ ಹೆಮ್ಮೆ ತಂದಿದ್ದು, ನಾವೆಲ್ಲರೂ ಚಲನಚಿತ್ರವನ್ನು ಚಿತ್ರಮಂದಿರದಲ್ಲಿಯೇ ನೋಡಿ ಪ್ರೋತ್ಸಾಹಿಸಬೇಕು. ರಾಮು ಗೌಡ ಅವರು ಅಂತರರಾಷ್ಟ್ರೀಯ ಮಟ್ಟದಲ್ಲಿ ಬೆಳೆಯಲಿ ಎಂದು ಆಶಿಸಿದರು. ನಗರ ಬ್ಲಾಕ್ ಕಾಂಗ್ರೆಸ್ ಉಪಾಧ್ಯಕ್ಷ ರೂಪೇಶ್ ಕೃಷ್ಣಯ್ಯ ಮಾತನಾಡಿ ಚಲನಚಿತ್ರ ಕಲೆಗೆ ಪ್ರೋತ್ಸಾಹಿಸಿದಲ್ಲಿ ಶಿರಾ ಕಲಾವಿದರಿಗೆ ನಮ್ಮ ತಾಲೂಕಿನಿಂದಲೇ ಬರಲಿ ಕರಳ ನಾಯಕನಟ ರಾಮ್ ಗೌಡ ಅವರು ನಟಿಸಿರುವುದು ನಮ್ಮ ತಾಲೂಕಿನವರಿಗೆ ಹೆಮ್ಮೆ ಇಂದು ಚಿತ್ರರಂಗದಲ್ಲಿ ರಾಜ್ಯ ರಾಷ್ಟ್ರಮಟ್ಟದಲ್ಲಿ ಹೆಸರು ಮಾಡಿದ್ದಾರೆ
ಅವರಂತೆಯೇ ರಾಮುಗೌಡ ಅವರು ಬೆಳೆಯಲಿ ಎಲ್ಲರೂ ಚಿತ್ರಮಂದಿರದಲ್ಲಿ ಚಲನಚಿತ್ರ ನೋಡಬೇಕು. ನಮ್ಮ ಮಾಣಿಕ್ಯ ಗ್ರಾಮದ ಯುವ ಪ್ರತಿಭೆ ರಾಮ್ ಗೌಡ ನಾಯಕರಾಗಿ ಅಭಿನಯಿಸಿರುವ ದಿಲ್ ಮಾರ್ ಚಿತ್ರ ರಾಜ್ಯಾದ್ಯಂತ ಯಶಸ್ವಿ ಪ್ರದರ್ಶನ ಕಾಣಲಿ ಜನಮನ ಗೆದ್ದು ನೂರು ದಿನ ಪೂರೈಸುವಂತಾಗಲಿ ಎಂದು ಹಾರೈಸಿದರು. ಈ ಸಂದರ್ಭದಲ್ಲಿ ಜಿ.ಪಂ. ಮಾಜಿ ಉಪಾಧ್ಯಕ್ಷ ಮಾಲಿ ರಂಗಸ್ವಾಮಿ, ನಗರಸಭೆ ಮಾಜಿ ಅಧ್ಯಕ್ಷ ಅಂಜಿನಪ್ಪ, ನಗರಸಭಾ ಸದಸ್ಯ ಆರ್.ರಾಮು, ಮಾಜಿ ಸದಸ್ಯ ಎಂ.ಎನ್.ರಾಜು, ಮುಖಂಡರಾದ ಹಲಗುಂಡೇಗೌಡ, ಮಾಲಿ ಸುರೇಶ್, ಮಾಣಿಕ್ಯ ರಾಮು, ಲೀಲಾಕೃಷ್ಣ, ಯತೀಶ್, ಅಂಜಿನ ಸೇರಿದಂತೆ ಹಲವರು ಹಾಜರಿದ್ದರು.
